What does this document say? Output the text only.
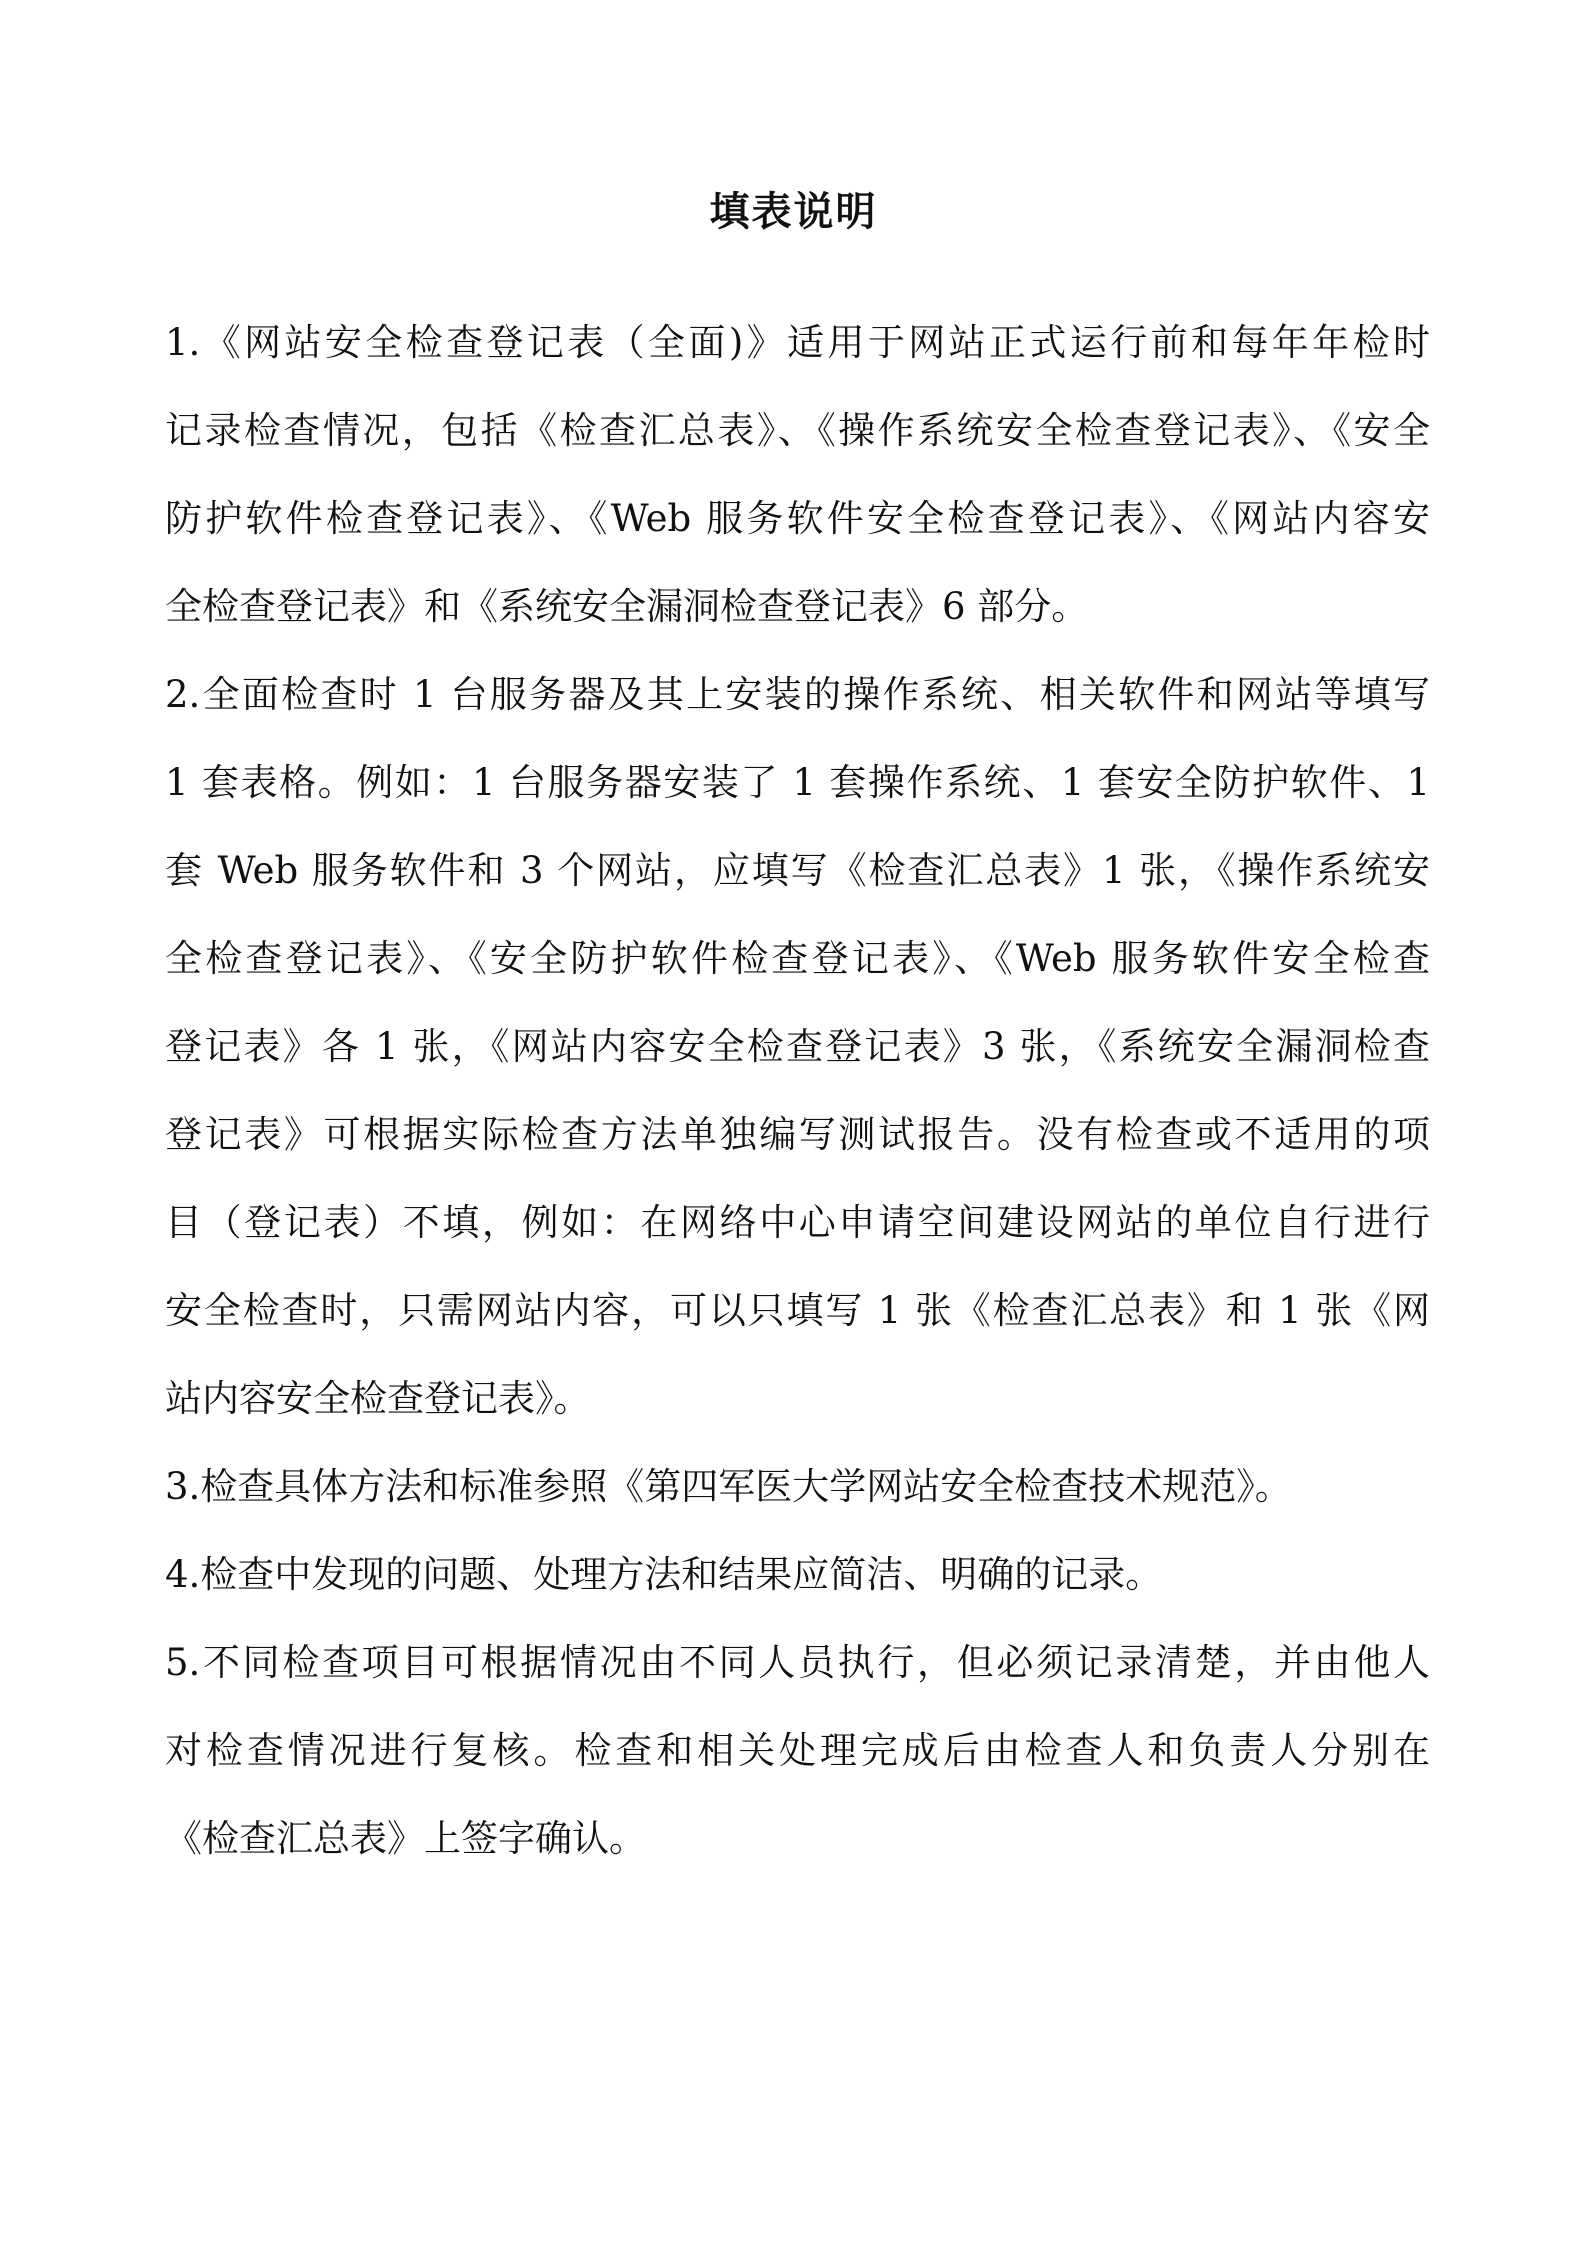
填表说明
1.《网站安全检查登记表（全面)》适用于网站正式运行前和每年年检时
记录检查情况，包括《检查汇总表》、《操作系统安全检查登记表》、《安全
防护软件检查登记表》、《Web 服务软件安全检查登记表》、《网站内容安
全检查登记表》和《系统安全漏洞检查登记表》6 部分。
2.全面检查时 1 台服务器及其上安装的操作系统、相关软件和网站等填写
1 套表格。例如：1 台服务器安装了 1 套操作系统、1 套安全防护软件、1
套 Web 服务软件和 3 个网站，应填写《检查汇总表》1 张，《操作系统安
全检查登记表》、《安全防护软件检查登记表》、《Web 服务软件安全检查
登记表》各 1 张，《网站内容安全检查登记表》3 张，《系统安全漏洞检查
登记表》可根据实际检查方法单独编写测试报告。没有检查或不适用的项
目（登记表）不填，例如：在网络中心申请空间建设网站的单位自行进行
安全检查时，只需网站内容，可以只填写 1 张《检查汇总表》和 1 张《网
站内容安全检查登记表》。
3.检查具体方法和标准参照《第四军医大学网站安全检查技术规范》。
4.检查中发现的问题、处理方法和结果应简洁、明确的记录。
5.不同检查项目可根据情况由不同人员执行，但必须记录清楚，并由他人
对检查情况进行复核。检查和相关处理完成后由检查人和负责人分别在
《检查汇总表》上签字确认。
